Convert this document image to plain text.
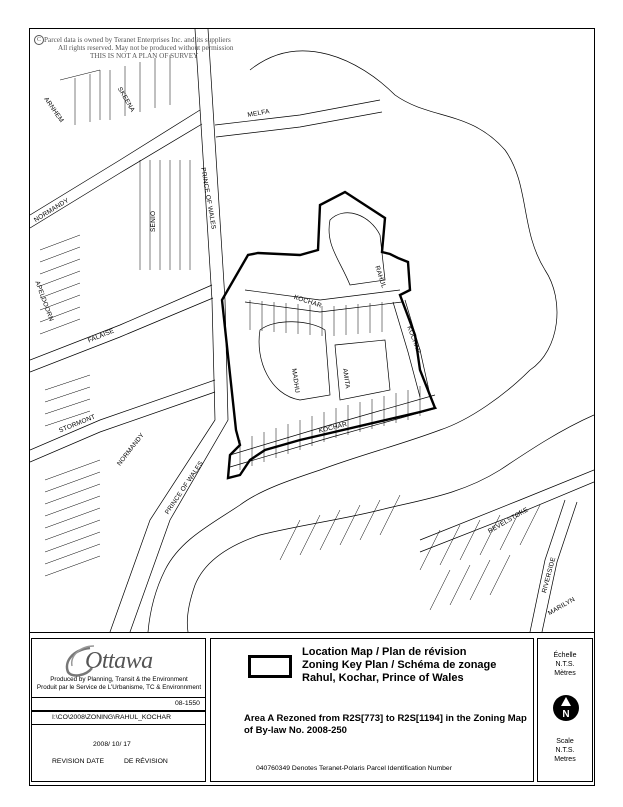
C Parcel data is owned by Teranet Enterprises Inc. and its suppliers
All rights reserved. May not be produced without permission
THIS IS NOT A PLAN OF SURVEY
ARNHEM	SKEENA
MELFA
NORMANDY	SENIO	PRINCE OF WALES
APELDOORN
FALAISE
KOCHAR
RAHUL
KOCHAR
MADHU	AMITA
STORMONT	KOCHAR
NORMANDY
PRINCE OF WALES
REVELSTOKE
RIVERSIDE
MARILYN
Ottawa
Produced by Planning, Transit & the Environment
Produit par le Service de L'Urbanisme, TC & Environnment
08-1550
I:\CO\2008\ZONING\RAHUL_KOCHAR
2008/ 10/ 17
REVISION DATE	DE RÉVISION
Location Map / Plan de révision
Zoning Key Plan / Schéma de zonage
Rahul, Kochar, Prince of Wales
Area A Rezoned from R2S[773] to R2S[1194] in the Zoning Map of By-law No. 2008-250
040760349 Denotes Teranet-Polaris Parcel Identification Number
Échelle
N.T.S.
Mètres
N
Scale
N.T.S.
Metres
